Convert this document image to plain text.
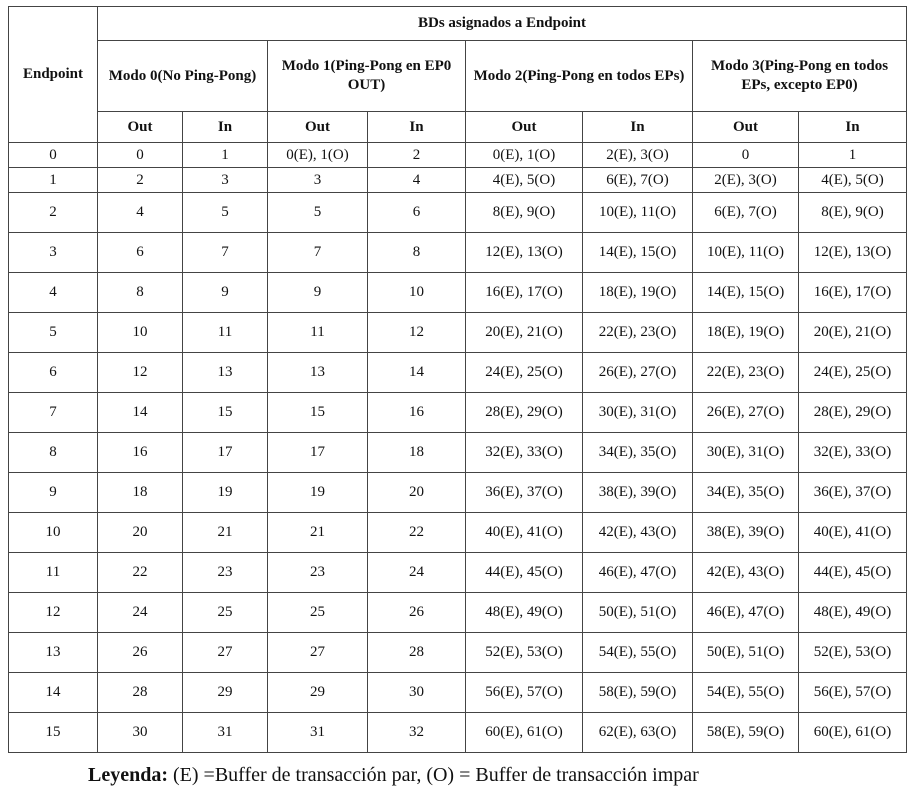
Endpoint	BDs asignados a Endpoint							
	Modo 0(No Ping-Pong)		Modo 1(Ping-Pong en EP0 OUT)		Modo 2(Ping-Pong en todos EPs)		Modo 3(Ping-Pong en todos EPs, excepto EP0)	
	Out	In	Out	In	Out	In	Out	In
0	0	1	0(E), 1(O)	2	0(E), 1(O)	2(E), 3(O)	0	1
1	2	3	3	4	4(E), 5(O)	6(E), 7(O)	2(E), 3(O)	4(E), 5(O)
2	4	5	5	6	8(E), 9(O)	10(E), 11(O)	6(E), 7(O)	8(E), 9(O)
3	6	7	7	8	12(E), 13(O)	14(E), 15(O)	10(E), 11(O)	12(E), 13(O)
4	8	9	9	10	16(E), 17(O)	18(E), 19(O)	14(E), 15(O)	16(E), 17(O)
5	10	11	11	12	20(E), 21(O)	22(E), 23(O)	18(E), 19(O)	20(E), 21(O)
6	12	13	13	14	24(E), 25(O)	26(E), 27(O)	22(E), 23(O)	24(E), 25(O)
7	14	15	15	16	28(E), 29(O)	30(E), 31(O)	26(E), 27(O)	28(E), 29(O)
8	16	17	17	18	32(E), 33(O)	34(E), 35(O)	30(E), 31(O)	32(E), 33(O)
9	18	19	19	20	36(E), 37(O)	38(E), 39(O)	34(E), 35(O)	36(E), 37(O)
10	20	21	21	22	40(E), 41(O)	42(E), 43(O)	38(E), 39(O)	40(E), 41(O)
11	22	23	23	24	44(E), 45(O)	46(E), 47(O)	42(E), 43(O)	44(E), 45(O)
12	24	25	25	26	48(E), 49(O)	50(E), 51(O)	46(E), 47(O)	48(E), 49(O)
13	26	27	27	28	52(E), 53(O)	54(E), 55(O)	50(E), 51(O)	52(E), 53(O)
14	28	29	29	30	56(E), 57(O)	58(E), 59(O)	54(E), 55(O)	56(E), 57(O)
15	30	31	31	32	60(E), 61(O)	62(E), 63(O)	58(E), 59(O)	60(E), 61(O)
Leyenda: (E) =Buffer de transacción par, (O) = Buffer de transacción impar
